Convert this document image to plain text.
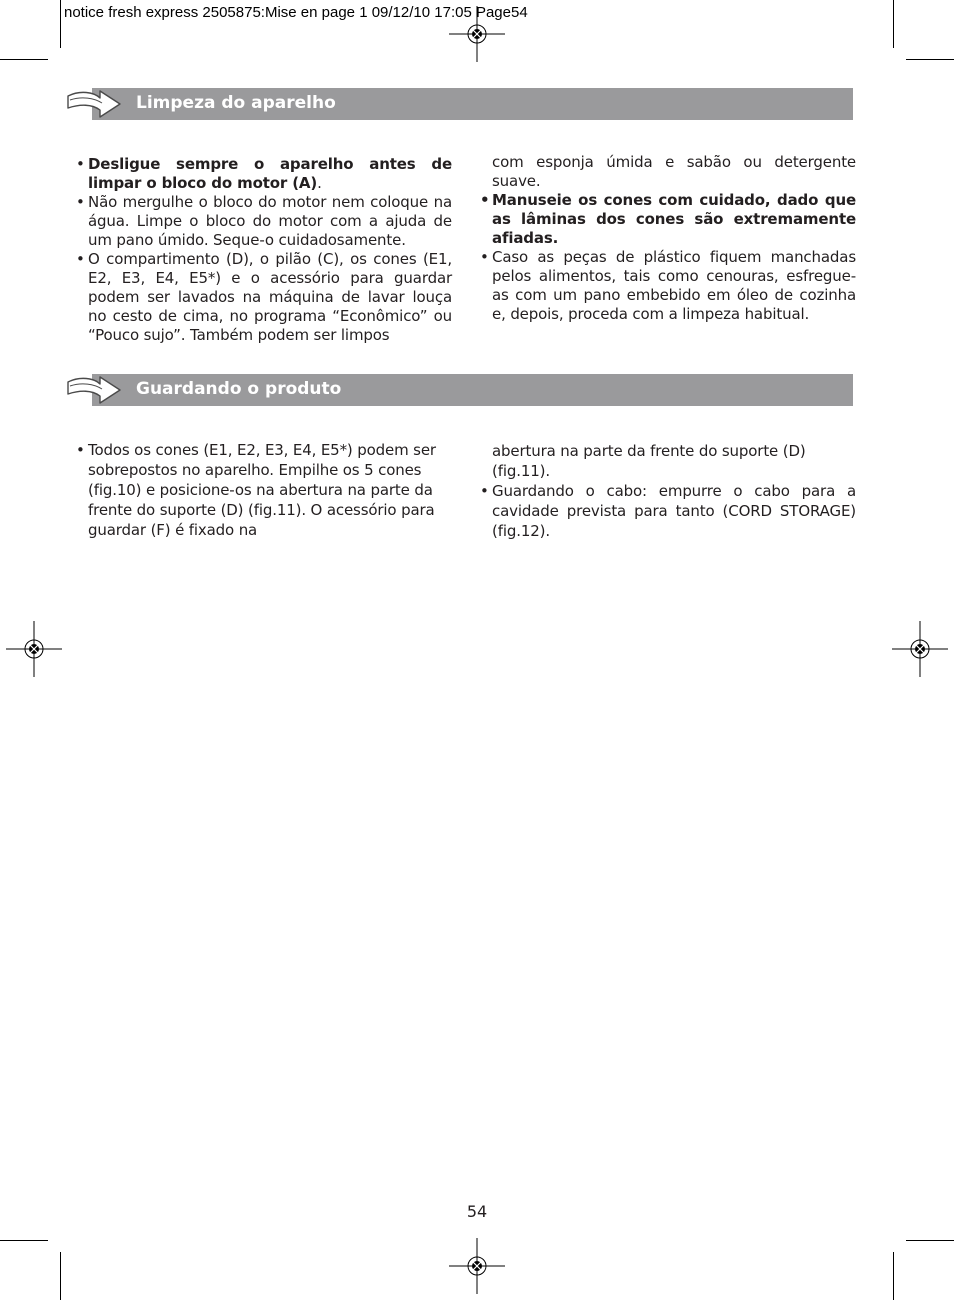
notice fresh express 2505875:Mise en page 1 09/12/10 17:05 Page54
Limpeza do aparelho
• Desligue sempre o aparelho antes de limpar o bloco do motor (A).
• Não mergulhe o bloco do motor nem coloque na água. Limpe o bloco do motor com a ajuda de um pano úmido. Seque-o cuidadosamente.
• O compartimento (D), o pilão (C), os cones (E1, E2, E3, E4, E5*) e o acessório para guardar podem ser lavados na máquina de lavar louça no cesto de cima, no programa “Econômico” ou “Pouco sujo”. Também podem ser limpos

com esponja úmida e sabão ou detergente suave.

• Manuseie os cones com cuidado, dado que as lâminas dos cones são extremamente afiadas.
• Caso as peças de plástico fiquem manchadas pelos alimentos, tais como cenouras, esfregue-as com um pano embebido em óleo de cozinha e, depois, proceda com a limpeza habitual.
Guardando o produto
• Todos os cones (E1, E2, E3, E4, E5*) podem ser sobrepostos no aparelho. Empilhe os 5 cones (fig.10) e posicione-os na abertura na parte da frente do suporte (D) (fig.11). O acessório para guardar (F) é fixado na

abertura na parte da frente do suporte (D) (fig.11).

• Guardando o cabo: empurre o cabo para a cavidade prevista para tanto (CORD STORAGE) (fig.12).
54
